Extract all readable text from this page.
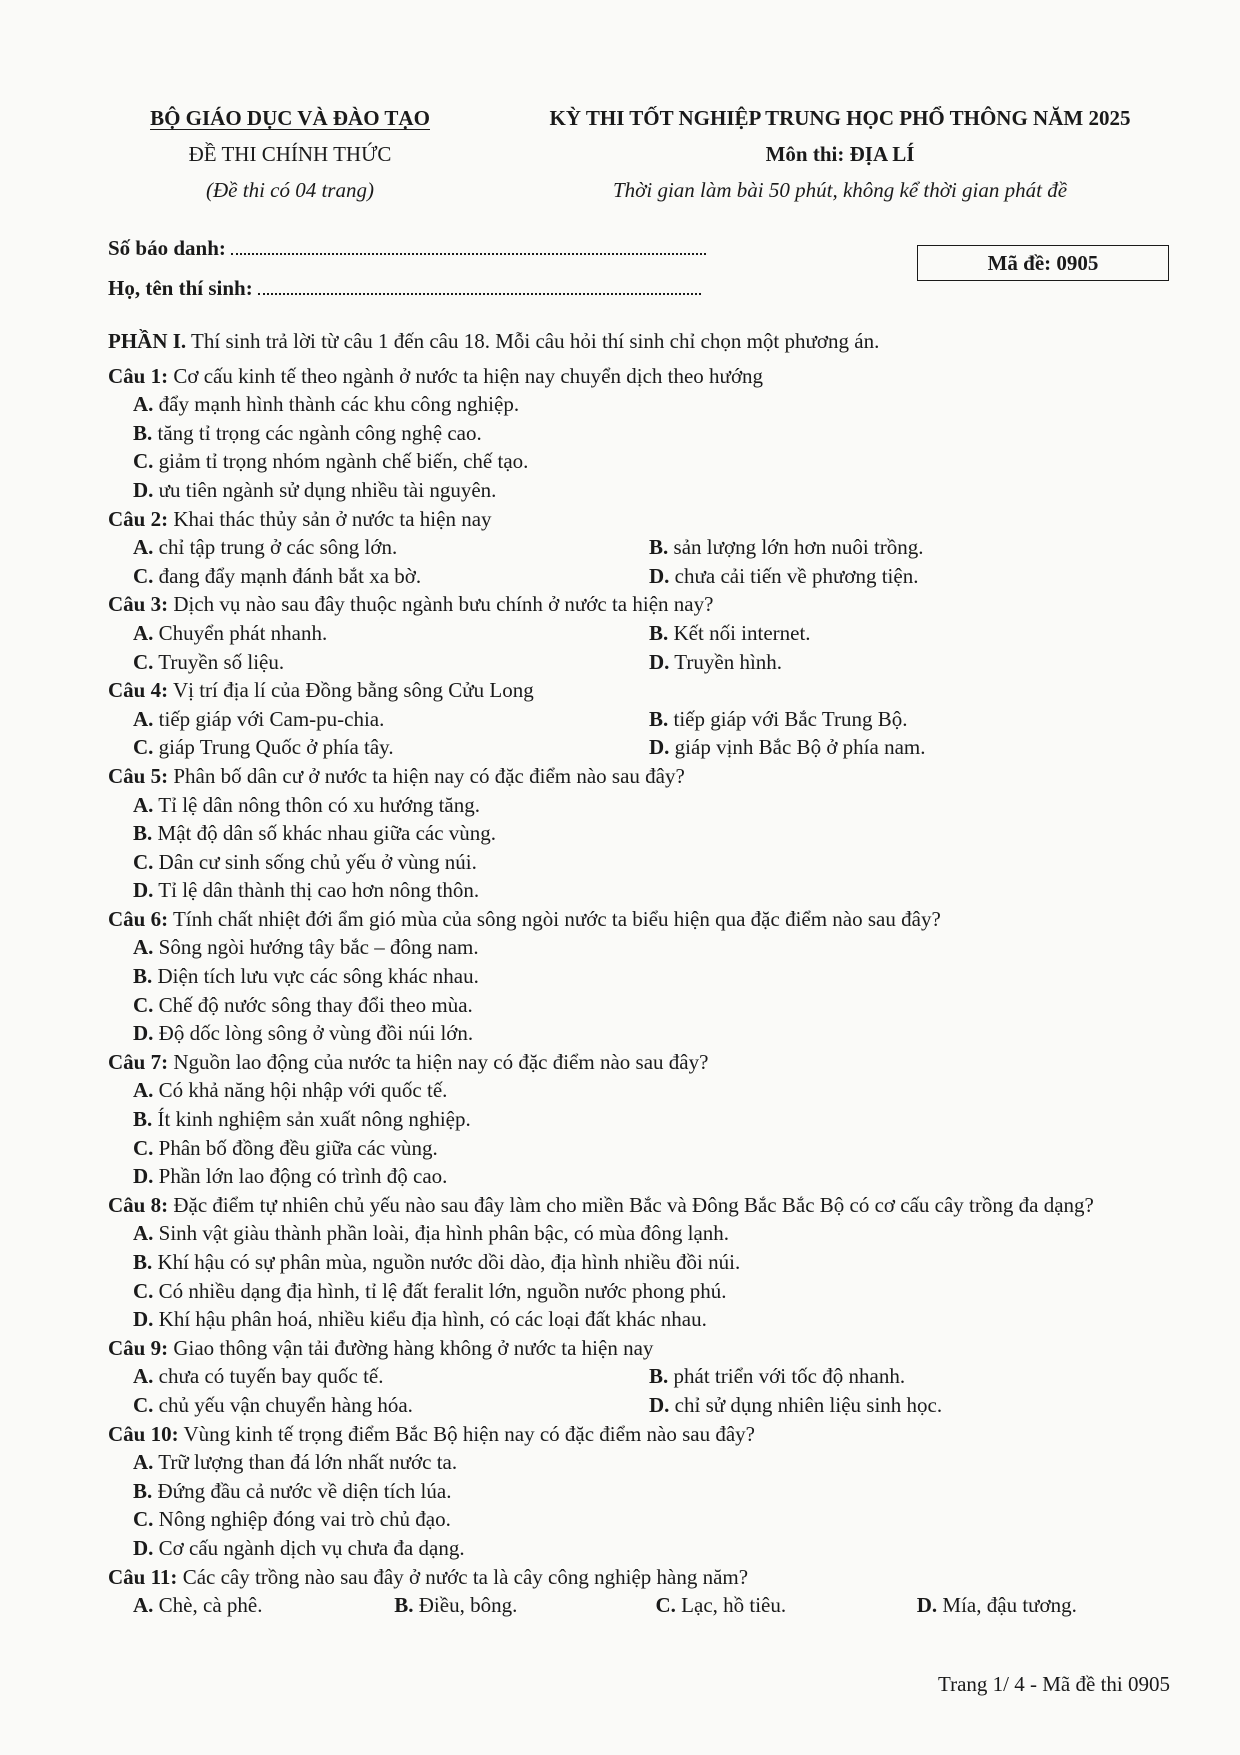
BỘ GIÁO DỤC VÀ ĐÀO TẠO
ĐỀ THI CHÍNH THỨC
(Đề thi có 04 trang)
KỲ THI TỐT NGHIỆP TRUNG HỌC PHỔ THÔNG NĂM 2025
Môn thi: ĐỊA LÍ
Thời gian làm bài 50 phút, không kể thời gian phát đề
Số báo danh:
Họ, tên thí sinh:
Mã đề: 0905
PHẦN I. Thí sinh trả lời từ câu 1 đến câu 18. Mỗi câu hỏi thí sinh chỉ chọn một phương án.
Câu 1: Cơ cấu kinh tế theo ngành ở nước ta hiện nay chuyển dịch theo hướng
A. đẩy mạnh hình thành các khu công nghiệp.
B. tăng tỉ trọng các ngành công nghệ cao.
C. giảm tỉ trọng nhóm ngành chế biến, chế tạo.
D. ưu tiên ngành sử dụng nhiều tài nguyên.
Câu 2: Khai thác thủy sản ở nước ta hiện nay
A. chỉ tập trung ở các sông lớn.	B. sản lượng lớn hơn nuôi trồng.
C. đang đẩy mạnh đánh bắt xa bờ.	D. chưa cải tiến về phương tiện.
Câu 3: Dịch vụ nào sau đây thuộc ngành bưu chính ở nước ta hiện nay?
A. Chuyển phát nhanh.	B. Kết nối internet.
C. Truyền số liệu.	D. Truyền hình.
Câu 4: Vị trí địa lí của Đồng bằng sông Cửu Long
A. tiếp giáp với Cam-pu-chia.	B. tiếp giáp với Bắc Trung Bộ.
C. giáp Trung Quốc ở phía tây.	D. giáp vịnh Bắc Bộ ở phía nam.
Câu 5: Phân bố dân cư ở nước ta hiện nay có đặc điểm nào sau đây?
A. Tỉ lệ dân nông thôn có xu hướng tăng.
B. Mật độ dân số khác nhau giữa các vùng.
C. Dân cư sinh sống chủ yếu ở vùng núi.
D. Tỉ lệ dân thành thị cao hơn nông thôn.
Câu 6: Tính chất nhiệt đới ẩm gió mùa của sông ngòi nước ta biểu hiện qua đặc điểm nào sau đây?
A. Sông ngòi hướng tây bắc – đông nam.
B. Diện tích lưu vực các sông khác nhau.
C. Chế độ nước sông thay đổi theo mùa.
D. Độ dốc lòng sông ở vùng đồi núi lớn.
Câu 7: Nguồn lao động của nước ta hiện nay có đặc điểm nào sau đây?
A. Có khả năng hội nhập với quốc tế.
B. Ít kinh nghiệm sản xuất nông nghiệp.
C. Phân bố đồng đều giữa các vùng.
D. Phần lớn lao động có trình độ cao.
Câu 8: Đặc điểm tự nhiên chủ yếu nào sau đây làm cho miền Bắc và Đông Bắc Bắc Bộ có cơ cấu cây trồng đa dạng?
A. Sinh vật giàu thành phần loài, địa hình phân bậc, có mùa đông lạnh.
B. Khí hậu có sự phân mùa, nguồn nước dồi dào, địa hình nhiều đồi núi.
C. Có nhiều dạng địa hình, tỉ lệ đất feralit lớn, nguồn nước phong phú.
D. Khí hậu phân hoá, nhiều kiểu địa hình, có các loại đất khác nhau.
Câu 9: Giao thông vận tải đường hàng không ở nước ta hiện nay
A. chưa có tuyến bay quốc tế.	B. phát triển với tốc độ nhanh.
C. chủ yếu vận chuyển hàng hóa.	D. chỉ sử dụng nhiên liệu sinh học.
Câu 10: Vùng kinh tế trọng điểm Bắc Bộ hiện nay có đặc điểm nào sau đây?
A. Trữ lượng than đá lớn nhất nước ta.
B. Đứng đầu cả nước về diện tích lúa.
C. Nông nghiệp đóng vai trò chủ đạo.
D. Cơ cấu ngành dịch vụ chưa đa dạng.
Câu 11: Các cây trồng nào sau đây ở nước ta là cây công nghiệp hàng năm?
A. Chè, cà phê.	B. Điều, bông.	C. Lạc, hồ tiêu.	D. Mía, đậu tương.
Trang 1/ 4 - Mã đề thi 0905
